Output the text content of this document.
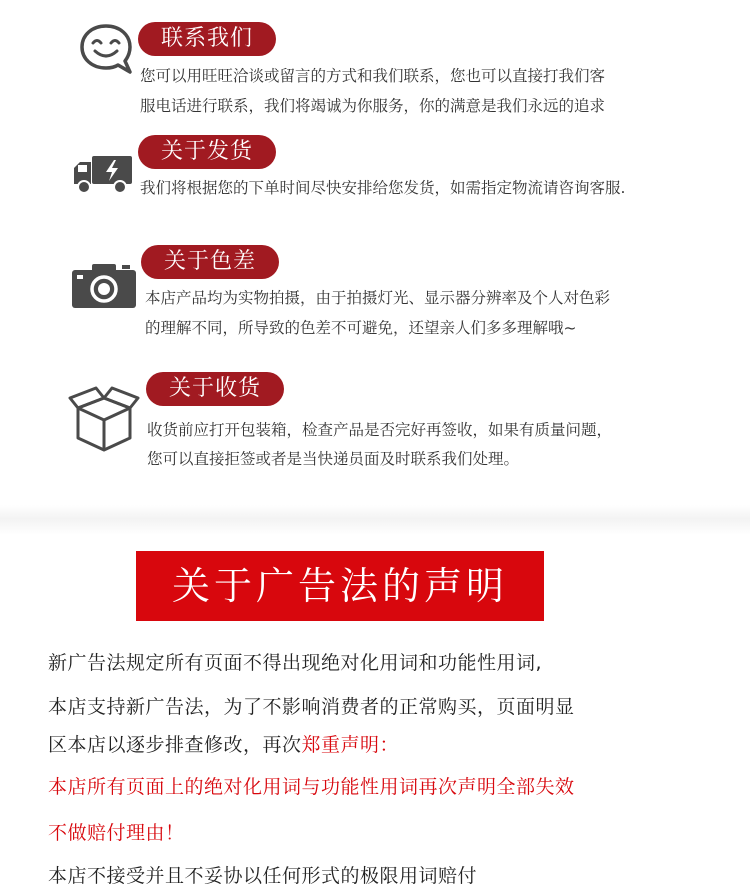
联系我们
您可以用旺旺洽谈或留言的方式和我们联系，您也可以直接打我们客
服电话进行联系，我们将竭诚为你服务，你的满意是我们永远的追求
关于发货
我们将根据您的下单时间尽快安排给您发货，如需指定物流请咨询客服.
关于色差
本店产品均为实物拍摄，由于拍摄灯光、显示器分辨率及个人对色彩
的理解不同，所导致的色差不可避免，还望亲人们多多理解哦~
关于收货
收货前应打开包装箱，检查产品是否完好再签收，如果有质量问题，
您可以直接拒签或者是当快递员面及时联系我们处理。
关于广告法的声明
新广告法规定所有页面不得出现绝对化用词和功能性用词,
本店支持新广告法，为了不影响消费者的正常购买，页面明显
区本店以逐步排查修改，再次郑重声明：
本店所有页面上的绝对化用词与功能性用词再次声明全部失效
不做赔付理由！
本店不接受并且不妥协以任何形式的极限用词赔付
